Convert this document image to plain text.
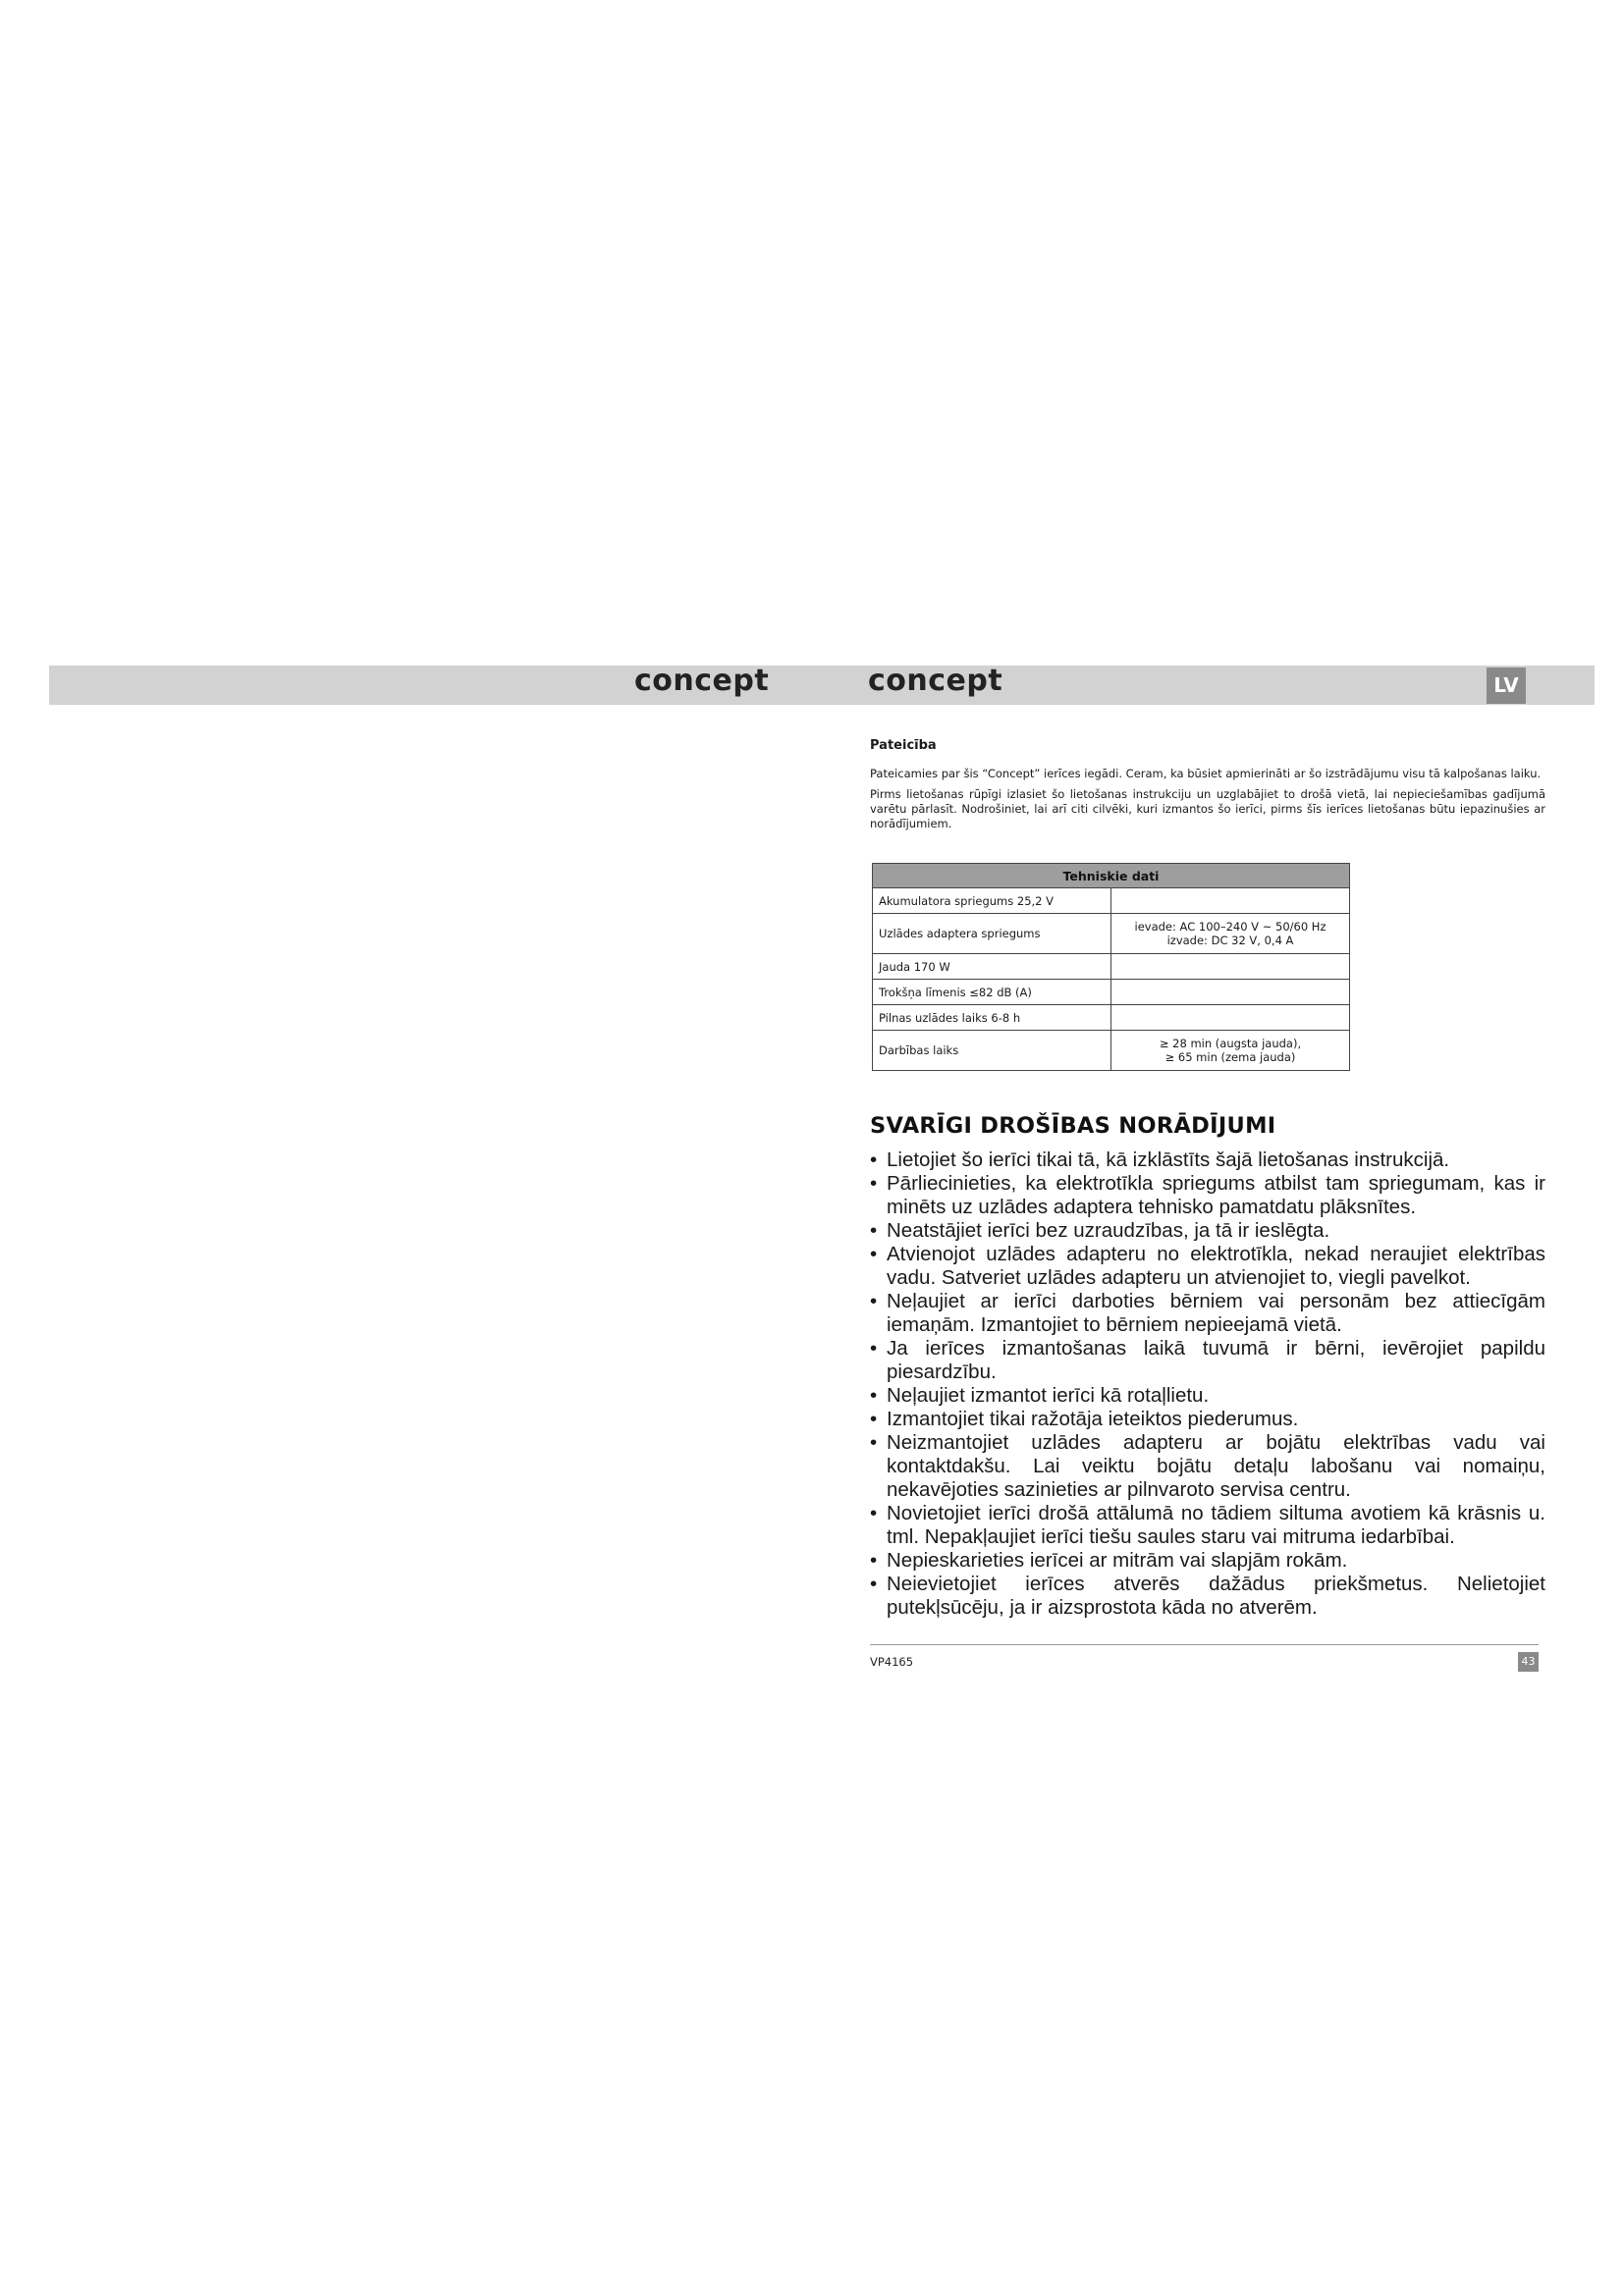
concept	concept	LV
Pateicība

Pateicamies par šis “Concept” ierīces iegādi. Ceram, ka būsiet apmierināti ar šo izstrādājumu visu tā kalpošanas laiku.

Pirms lietošanas rūpīgi izlasiet šo lietošanas instrukciju un uzglabājiet to drošā vietā, lai nepieciešamības gadījumā varētu pārlasīt. Nodrošiniet, lai arī citi cilvēki, kuri izmantos šo ierīci, pirms šīs ierīces lietošanas būtu iepazinušies ar norādījumiem.

Tehniskie dati	
Akumulatora spriegums 25,2 V	
Uzlādes adaptera spriegums	ievade: AC 100–240 V ~ 50/60 Hz
izvade: DC 32 V, 0,4 A

Jauda 170 W	
Trokšņa līmenis ≤82 dB (A)	
Pilnas uzlādes laiks 6-8 h	
Darbības laiks	≥ 28 min (augsta jauda),
≥ 65 min (zema jauda)
SVARĪGI DROŠĪBAS NORĀDĪJUMI
• Lietojiet šo ierīci tikai tā, kā izklāstīts šajā lietošanas instrukcijā.
• Pārliecinieties, ka elektrotīkla spriegums atbilst tam spriegumam, kas ir minēts uz uzlādes adaptera tehnisko pamatdatu plāksnītes.
• Neatstājiet ierīci bez uzraudzības, ja tā ir ieslēgta.
• Atvienojot uzlādes adapteru no elektrotīkla, nekad neraujiet elektrības vadu. Satveriet uzlādes adapteru un atvienojiet to, viegli pavelkot.
• Neļaujiet ar ierīci darboties bērniem vai personām bez attiecīgām iemaņām. Izmantojiet to bērniem nepieejamā vietā.
• Ja ierīces izmantošanas laikā tuvumā ir bērni, ievērojiet papildu piesardzību.
• Neļaujiet izmantot ierīci kā rotaļlietu.
• Izmantojiet tikai ražotāja ieteiktos piederumus.
• Neizmantojiet uzlādes adapteru ar bojātu elektrības vadu vai kontaktdakšu. Lai veiktu bojātu detaļu labošanu vai nomaiņu, nekavējoties sazinieties ar pilnvaroto servisa centru.
• Novietojiet ierīci drošā attālumā no tādiem siltuma avotiem kā krāsnis u. tml. Nepakļaujiet ierīci tiešu saules staru vai mitruma iedarbībai.
• Nepieskarieties ierīcei ar mitrām vai slapjām rokām.
• Neievietojiet ierīces atverēs dažādus priekšmetus. Nelietojiet putekļsūcēju, ja ir aizsprostota kāda no atverēm.
VP4165	43
